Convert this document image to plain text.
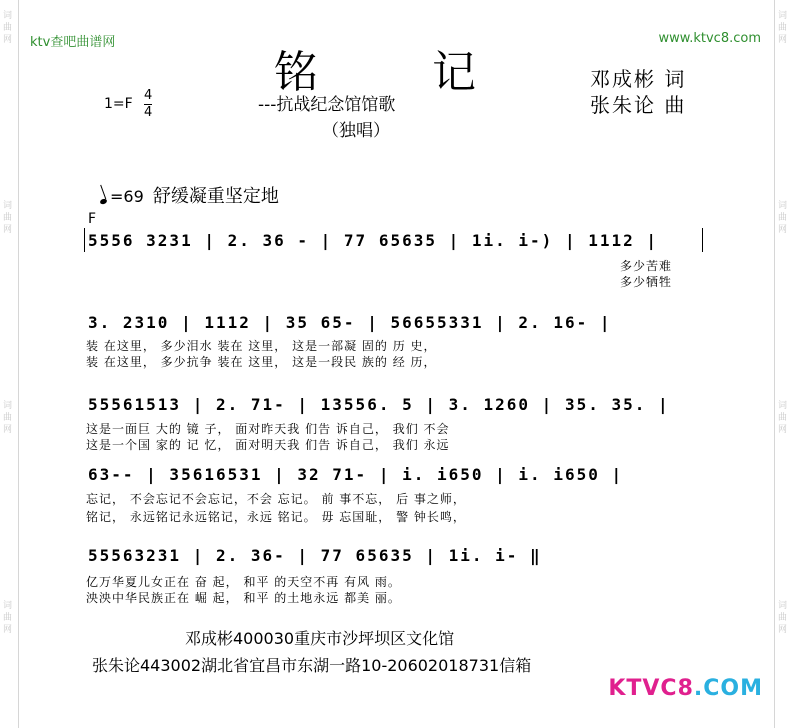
词曲网
词曲网
词曲网
词曲网
词曲网
词曲网
词曲网
词曲网
ktv查吧曲谱网	www.ktvc8.com
铭 记
---抗战纪念馆馆歌
（独唱）
邓成彬 词
张朱论 曲
1=F
4
4
=69 舒缓凝重坚定地
F
5556 3231 | 2. 36 - | 77 65635 | 1i. i-) | 1112 |
多少苦难
多少牺牲
3. 2310 | 1112 | 35 65- | 56655331 | 2. 16- |
装 在这里， 多少泪水 装在 这里， 这是一部凝 固的 历 史，
装 在这里， 多少抗争 装在 这里， 这是一段民 族的 经 历，
55561513 | 2. 71- | 13556. 5 | 3. 1260 | 35. 35. |
这是一面巨 大的 镜 子， 面对昨天我 们告 诉自己， 我们 不会
这是一个国 家的 记 忆， 面对明天我 们告 诉自己， 我们 永远
63-- | 35616531 | 32 71- | i. i650 | i. i650 |
忘记， 不会忘记不会忘记，不会 忘记。 前 事不忘， 后 事之师，
铭记， 永远铭记永远铭记，永远 铭记。 毋 忘国耻， 警 钟长鸣，
55563231 | 2. 36- | 77 65635 | 1i. i- ‖
亿万华夏儿女正在 奋 起， 和平 的天空不再 有风 雨。
泱泱中华民族正在 崛 起， 和平 的土地永远 都美 丽。
邓成彬400030重庆市沙坪坝区文化馆
张朱论443002湖北省宜昌市东湖一路10-20602018731信箱
KTVC8.COM
